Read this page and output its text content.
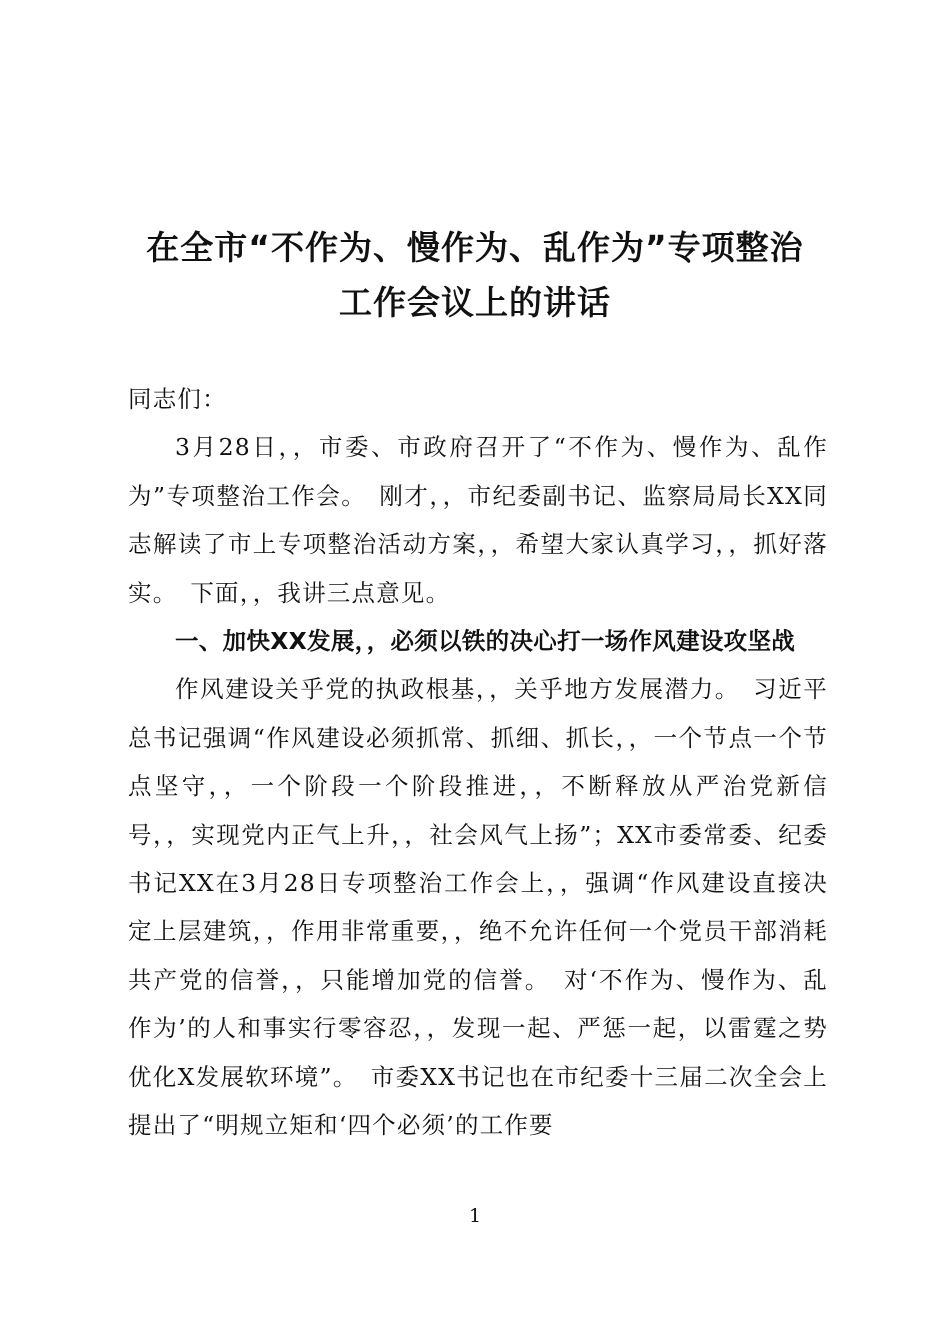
在全市“不作为、慢作为、乱作为”专项整治
工作会议上的讲话

同志们：

3月28日，，市委、市政府召开了“不作为、慢作为、乱作为”专项整治工作会。　刚才，，市纪委副书记、监察局局长XX同志解读了市上专项整治活动方案，，希望大家认真学习，，抓好落实。　下面，，我讲三点意见。

一、加快XX发展，，必须以铁的决心打一场作风建设攻坚战

作风建设关乎党的执政根基，，关乎地方发展潜力。　习近平总书记强调“作风建设必须抓常、抓细、抓长，，一个节点一个节点坚守，，一个阶段一个阶段推进，，不断释放从严治党新信号，，实现党内正气上升，，社会风气上扬”；XX市委常委、纪委书记XX在3月28日专项整治工作会上，，强调“作风建设直接决定上层建筑，，作用非常重要，，绝不允许任何一个党员干部消耗共产党的信誉，，只能增加党的信誉。　对‘不作为、慢作为、乱作为’的人和事实行零容忍，，发现一起、严惩一起，以雷霆之势优化X发展软环境”。　市委XX书记也在市纪委十三届二次全会上提出了“明规立矩和‘四个必须’的工作要

1
